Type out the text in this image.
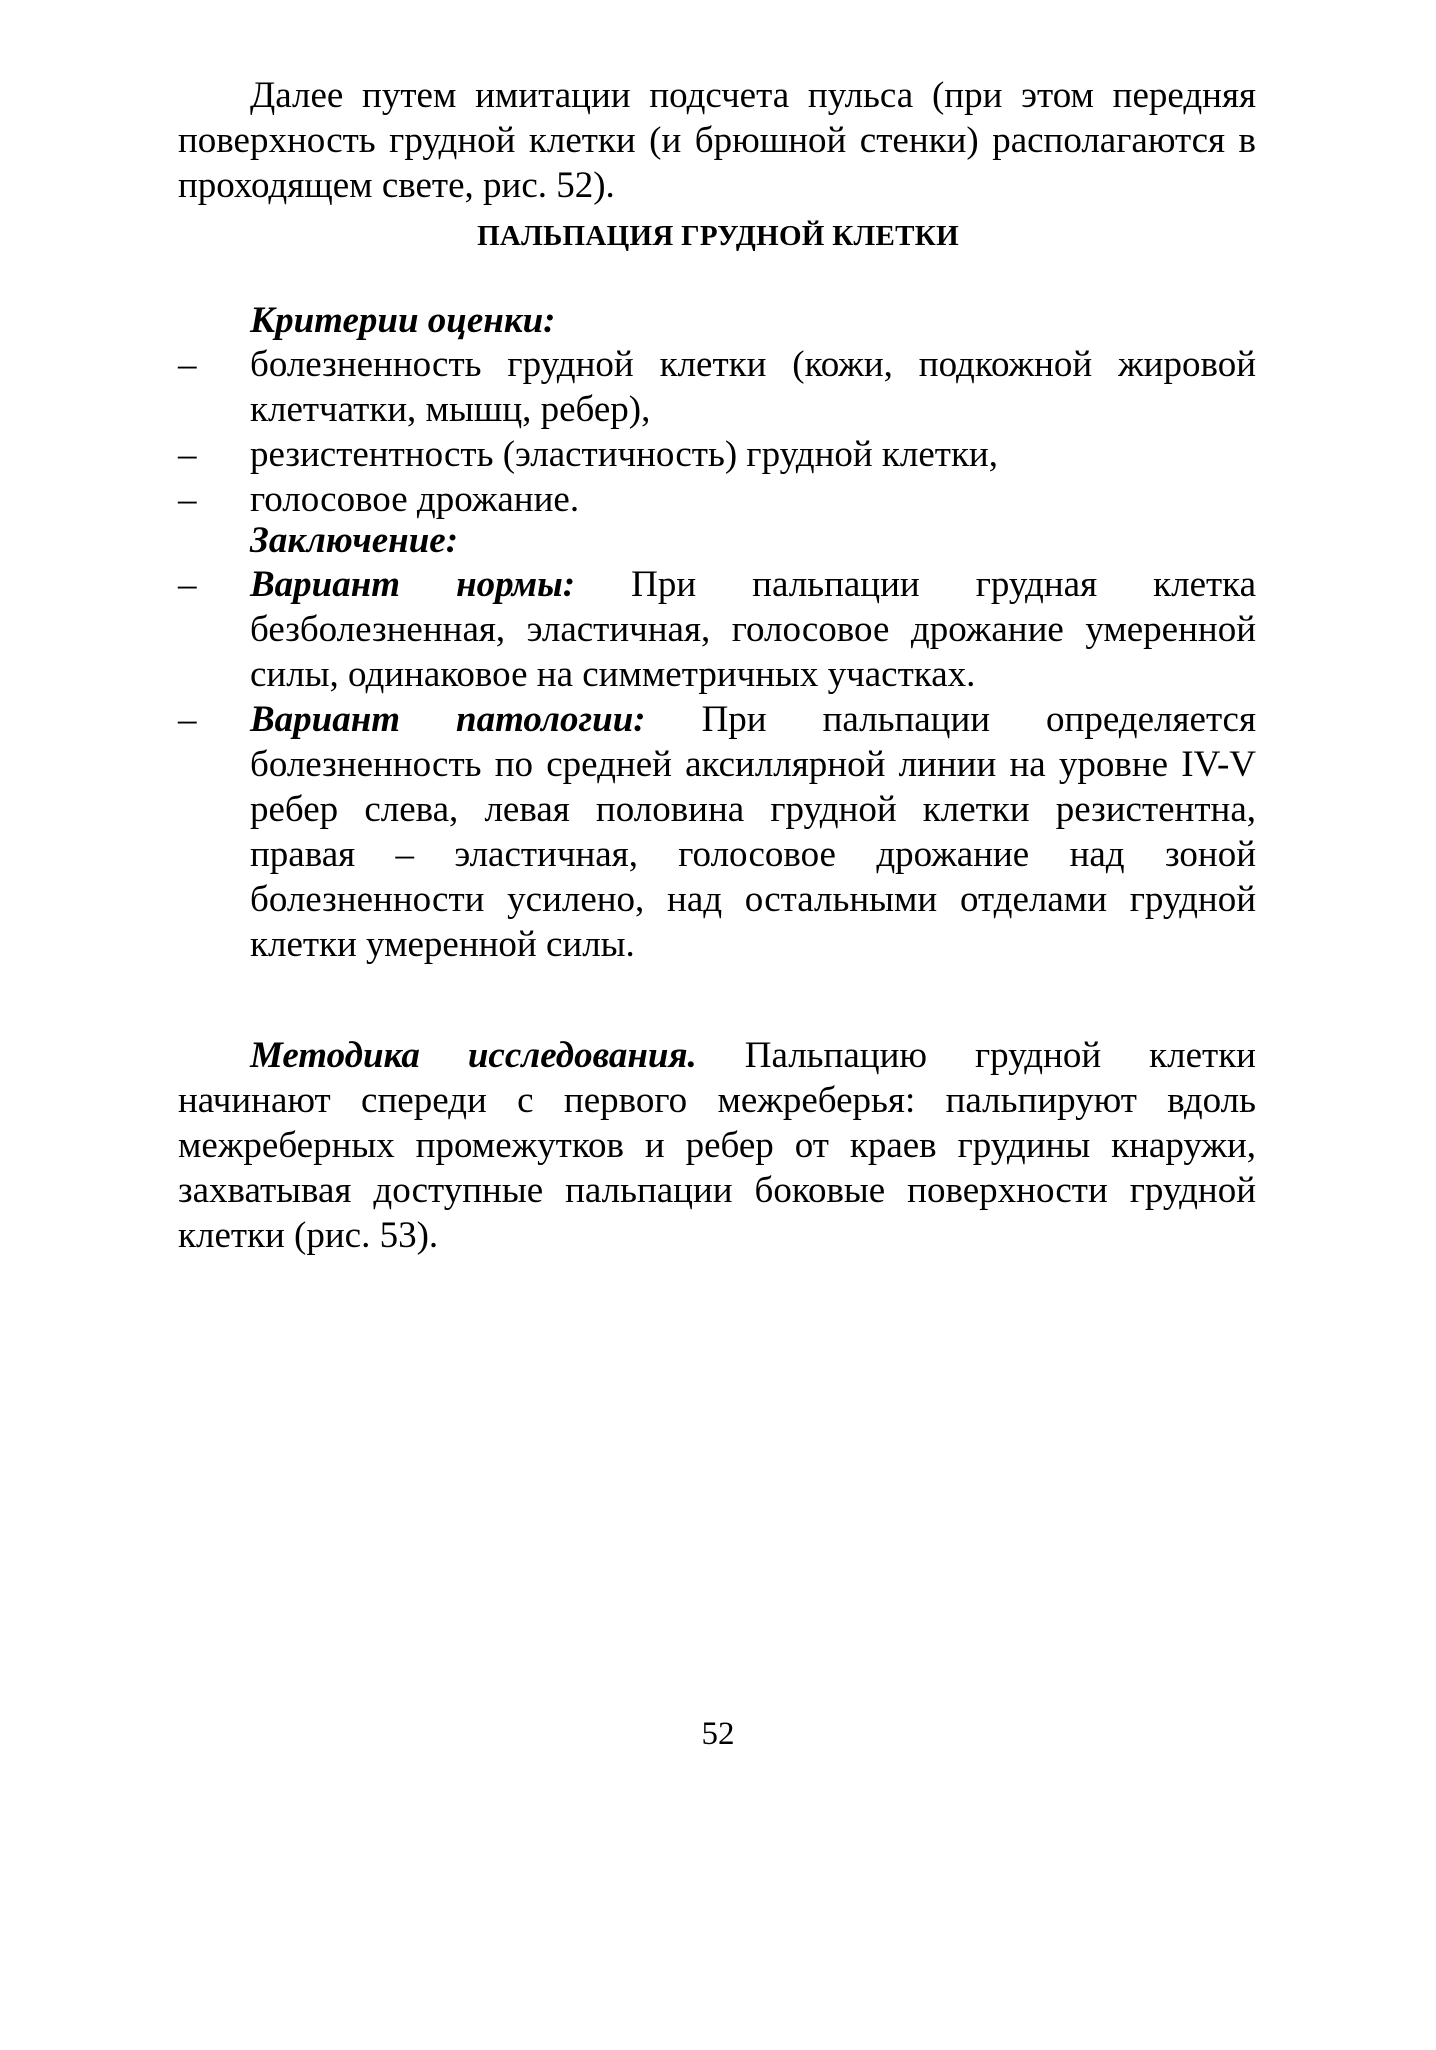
Далее путем имитации подсчета пульса (при этом передняя поверхность грудной клетки (и брюшной стенки) располагаются в проходящем свете, рис. 52).

ПАЛЬПАЦИЯ ГРУДНОЙ КЛЕТКИ
Критерии оценки:
–	болезненность грудной клетки (кожи, подкожной жировой клетчатки, мышц, ребер),
–	резистентность (эластичность) грудной клетки,
–	голосовое дрожание.
Заключение:
–	Вариант нормы: При пальпации грудная клетка безболезненная, эластичная, голосовое дрожание умеренной силы, одинаковое на симметричных участках.
–	Вариант патологии: При пальпации определяется болезненность по средней аксиллярной линии на уровне IV-V ребер слева, левая половина грудной клетки резистентна, правая – эластичная, голосовое дрожание над зоной болезненности усилено, над остальными отделами грудной клетки умеренной силы.

Методика исследования. Пальпацию грудной клетки начинают спереди с первого межреберья: пальпируют вдоль межреберных промежутков и ребер от краев грудины кнаружи, захватывая доступные пальпации боковые поверхности грудной клетки (рис. 53).

52
